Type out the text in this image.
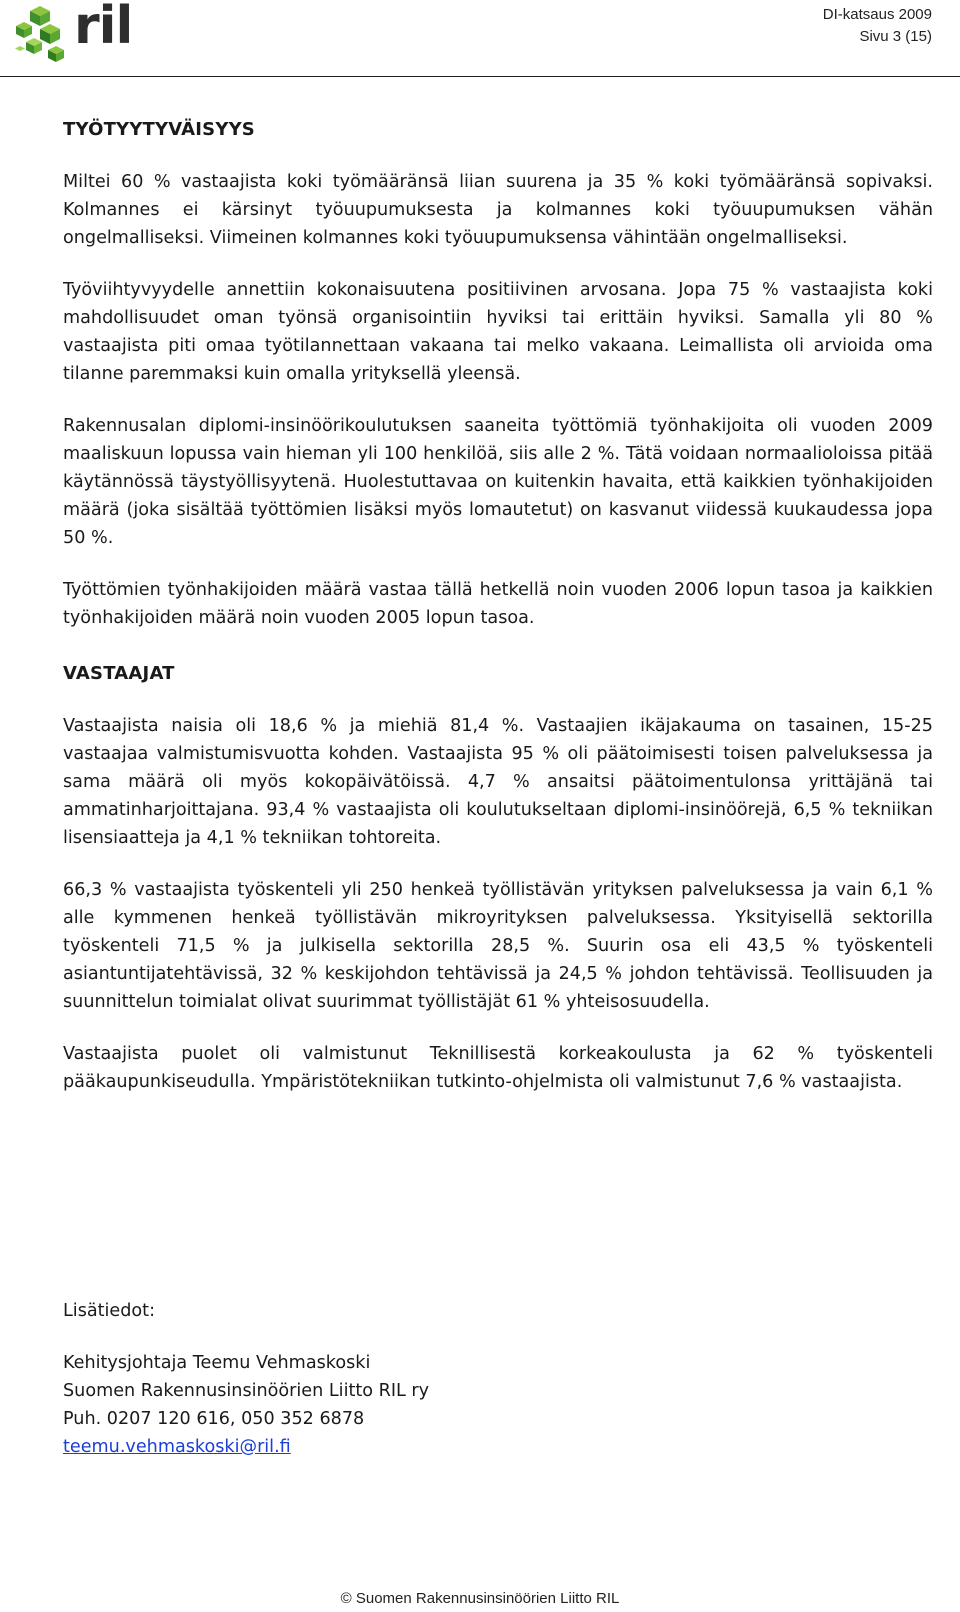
ril	DI-katsaus 2009
Sivu 3 (15)
TYÖTYYTYVÄISYYS

Miltei 60 % vastaajista koki työmääränsä liian suurena ja 35 % koki työmääränsä sopivaksi. Kolmannes ei kärsinyt työuupumuksesta ja kolmannes koki työuupumuksen vähän ongelmalliseksi. Viimeinen kolmannes koki työuupumuksensa vähintään ongelmalliseksi.

Työviihtyvyydelle annettiin kokonaisuutena positiivinen arvosana. Jopa 75 % vastaajista koki mahdollisuudet oman työnsä organisointiin hyviksi tai erittäin hyviksi. Samalla yli 80 % vastaajista piti omaa työtilannettaan vakaana tai melko vakaana. Leimallista oli arvioida oma tilanne paremmaksi kuin omalla yrityksellä yleensä.

Rakennusalan diplomi-insinöörikoulutuksen saaneita työttömiä työnhakijoita oli vuoden 2009 maaliskuun lopussa vain hieman yli 100 henkilöä, siis alle 2 %. Tätä voidaan normaalioloissa pitää käytännössä täystyöllisyytenä. Huolestuttavaa on kuitenkin havaita, että kaikkien työnhakijoiden määrä (joka sisältää työttömien lisäksi myös lomautetut) on kasvanut viidessä kuukaudessa jopa 50 %.

Työttömien työnhakijoiden määrä vastaa tällä hetkellä noin vuoden 2006 lopun tasoa ja kaikkien työnhakijoiden määrä noin vuoden 2005 lopun tasoa.

VASTAAJAT

Vastaajista naisia oli 18,6 % ja miehiä 81,4 %. Vastaajien ikäjakauma on tasainen, 15-25 vastaajaa valmistumisvuotta kohden. Vastaajista 95 % oli päätoimisesti toisen palveluksessa ja sama määrä oli myös kokopäivätöissä. 4,7 % ansaitsi päätoimentulonsa yrittäjänä tai ammatinharjoittajana. 93,4 % vastaajista oli koulutukseltaan diplomi-insinöörejä, 6,5 % tekniikan lisensiaatteja ja 4,1 % tekniikan tohtoreita.

66,3 % vastaajista työskenteli yli 250 henkeä työllistävän yrityksen palveluksessa ja vain 6,1 % alle kymmenen henkeä työllistävän mikroyrityksen palveluksessa. Yksityisellä sektorilla työskenteli 71,5 % ja julkisella sektorilla 28,5 %. Suurin osa eli 43,5 % työskenteli asiantuntijatehtävissä, 32 % keskijohdon tehtävissä ja 24,5 % johdon tehtävissä. Teollisuuden ja suunnittelun toimialat olivat suurimmat työllistäjät 61 % yhteisosuudella.

Vastaajista puolet oli valmistunut Teknillisestä korkeakoulusta ja 62 % työskenteli pääkaupunkiseudulla. Ympäristötekniikan tutkinto-ohjelmista oli valmistunut 7,6 % vastaajista.

Lisätiedot:
Kehitysjohtaja Teemu Vehmaskoski
Suomen Rakennusinsinöörien Liitto RIL ry
Puh. 0207 120 616, 050 352 6878
teemu.vehmaskoski@ril.fi
© Suomen Rakennusinsinöörien Liitto RIL
